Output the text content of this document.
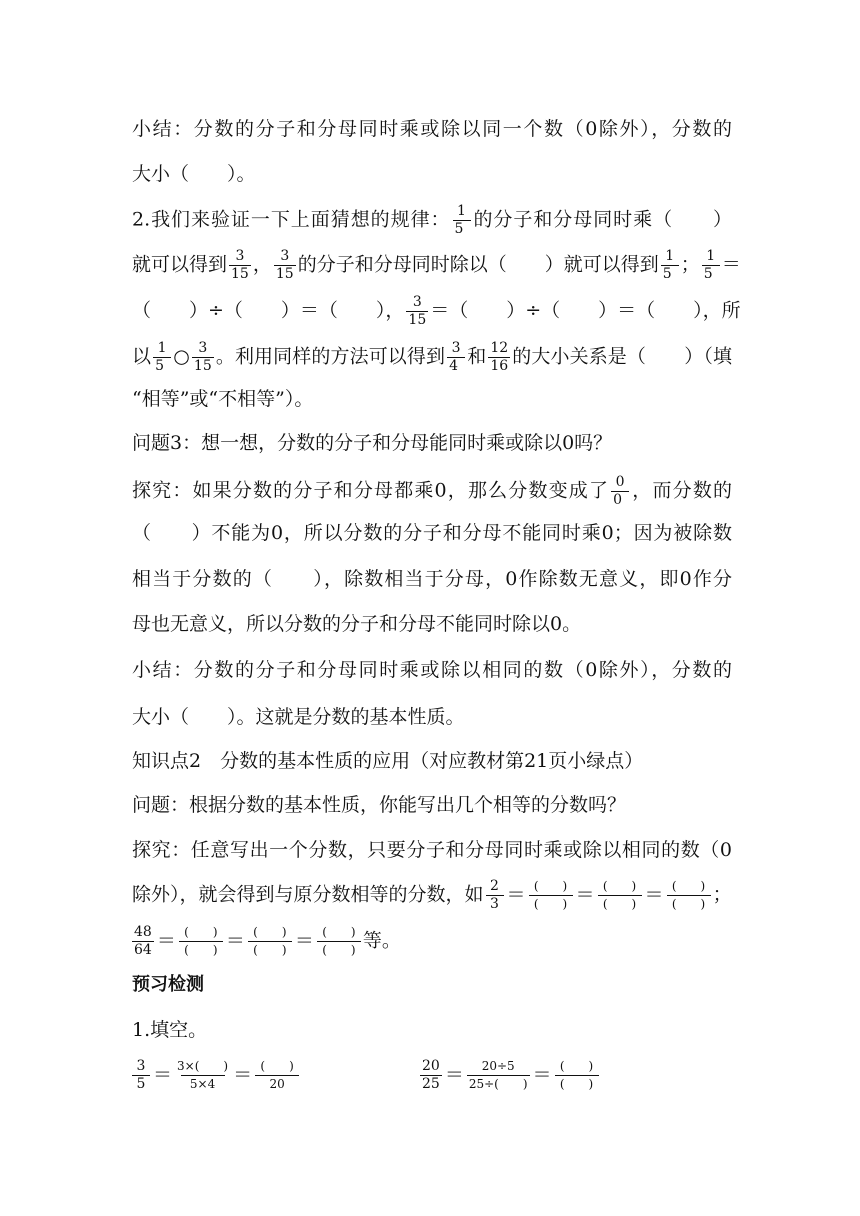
小结：分数的分子和分母同时乘或除以同一个数（0除外），分数的
大小（　　）。
2.我们来验证一下上面猜想的规律： $\frac{1}{5}$ 的分子和分母同时乘（　　）
就可以得到 $\frac{3}{15}$ ， $\frac{3}{15}$ 的分子和分母同时除以（　　）就可以得到 $\frac{1}{5}$ ； $\frac{1}{5}$ ＝
（　　）÷（　　）＝（　　）， $\frac{3}{15}$ ＝（　　）÷（　　）＝（　　），所
以 $\frac{1}{5}$ ○ $\frac{3}{15}$ 。利用同样的方法可以得到 $\frac{3}{4}$ 和 $\frac{12}{16}$ 的大小关系是（　　）（填
“相等”或“不相等”）。
问题3：想一想，分数的分子和分母能同时乘或除以0吗？
探究：如果分数的分子和分母都乘0，那么分数变成了 $\frac{0}{0}$ ，而分数的
（　　）不能为0，所以分数的分子和分母不能同时乘0；因为被除数
相当于分数的（　　），除数相当于分母，0作除数无意义，即0作分
母也无意义，所以分数的分子和分母不能同时除以0。
小结：分数的分子和分母同时乘或除以相同的数（0除外），分数的
大小（　　）。这就是分数的基本性质。
知识点2　分数的基本性质的应用（对应教材第21页小绿点）
问题：根据分数的基本性质，你能写出几个相等的分数吗？
探究：任意写出一个分数，只要分子和分母同时乘或除以相同的数（0
除外），就会得到与原分数相等的分数，如 $\frac{2}{3} = \frac{( )}{( )} = \frac{( )}{( )} = \frac{( )}{( )}$ ；
$\frac{48}{64} = \frac{( )}{( )} = \frac{( )}{( )} = \frac{( )}{( )}$ 等。
预习检测
1.填空。
$\frac{3}{5} = \frac{3\times( )}{5\times 4} = \frac{( )}{20}$	$\frac{20}{25} = \frac{20\div 5}{25\div( )} = \frac{( )}{( )}$
